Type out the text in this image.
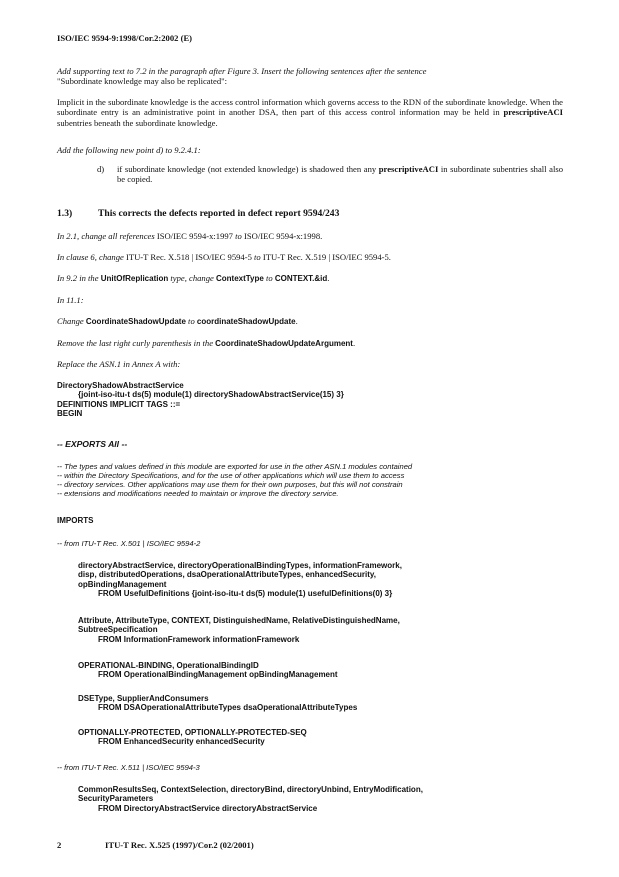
ISO/IEC 9594-9:1998/Cor.2:2002 (E)

Add supporting text to 7.2 in the paragraph after Figure 3. Insert the following sentences after the sentence

"Subordinate knowledge may also be replicated":

Implicit in the subordinate knowledge is the access control information which governs access to the RDN of the subordinate knowledge. When the subordinate entry is an administrative point in another DSA, then part of this access control information may be held in prescriptiveACI subentries beneath the subordinate knowledge.

Add the following new point d) to 9.2.4.1:

d)	if subordinate knowledge (not extended knowledge) is shadowed then any prescriptiveACI in subordinate subentries shall also be copied.

1.3)	This corrects the defects reported in defect report 9594/243

In 2.1, change all references ISO/IEC 9594-x:1997 to ISO/IEC 9594-x:1998.

In clause 6, change ITU-T Rec. X.518 | ISO/IEC 9594-5 to ITU-T Rec. X.519 | ISO/IEC 9594-5.

In 9.2 in the UnitOfReplication type, change ContextType to CONTEXT.&id.

In 11.1:

Change CoordinateShadowUpdate to coordinateShadowUpdate.

Remove the last right curly parenthesis in the CoordinateShadowUpdateArgument.

Replace the ASN.1 in Annex A with:

DirectoryShadowAbstractService

{joint-iso-itu-t ds(5) module(1) directoryShadowAbstractService(15) 3}

DEFINITIONS IMPLICIT TAGS ::=

BEGIN

-- EXPORTS All --

-- The types and values defined in this module are exported for use in the other ASN.1 modules contained

-- within the Directory Specifications, and for the use of other applications which will use them to access

-- directory services. Other applications may use them for their own purposes, but this will not constrain

-- extensions and modifications needed to maintain or improve the directory service.

IMPORTS

-- from ITU-T Rec. X.501 | ISO/IEC 9594-2

directoryAbstractService, directoryOperationalBindingTypes, informationFramework,

disp, distributedOperations, dsaOperationalAttributeTypes, enhancedSecurity,

opBindingManagement

FROM UsefulDefinitions {joint-iso-itu-t ds(5) module(1) usefulDefinitions(0) 3}

Attribute, AttributeType, CONTEXT, DistinguishedName, RelativeDistinguishedName,

SubtreeSpecification

FROM InformationFramework informationFramework

OPERATIONAL-BINDING, OperationalBindingID

FROM OperationalBindingManagement opBindingManagement

DSEType, SupplierAndConsumers

FROM DSAOperationalAttributeTypes dsaOperationalAttributeTypes

OPTIONALLY-PROTECTED, OPTIONALLY-PROTECTED-SEQ

FROM EnhancedSecurity enhancedSecurity

-- from ITU-T Rec. X.511 | ISO/IEC 9594-3

CommonResultsSeq, ContextSelection, directoryBind, directoryUnbind, EntryModification,

SecurityParameters

FROM DirectoryAbstractService directoryAbstractService

2	ITU-T Rec. X.525 (1997)/Cor.2 (02/2001)
